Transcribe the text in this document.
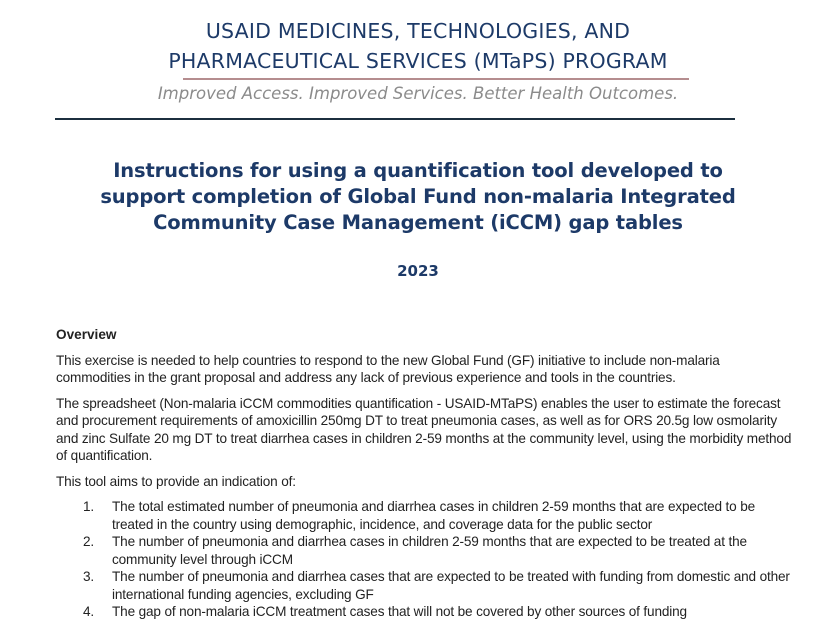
USAID MEDICINES, TECHNOLOGIES, AND
PHARMACEUTICAL SERVICES (MTaPS) PROGRAM
Improved Access. Improved Services. Better Health Outcomes.
Instructions for using a quantification tool developed to
support completion of Global Fund non-malaria Integrated
Community Case Management (iCCM) gap tables
2023
Overview

This exercise is needed to help countries to respond to the new Global Fund (GF) initiative to include non-malaria commodities in the grant proposal and address any lack of previous experience and tools in the countries.

The spreadsheet (Non-malaria iCCM commodities quantification - USAID-MTaPS) enables the user to estimate the forecast and procurement requirements of amoxicillin 250mg DT to treat pneumonia cases, as well as for ORS 20.5g low osmolarity and zinc Sulfate 20 mg DT to treat diarrhea cases in children 2-59 months at the community level, using the morbidity method of quantification.

This tool aims to provide an indication of:

1.	The total estimated number of pneumonia and diarrhea cases in children 2-59 months that are expected to be treated in the country using demographic, incidence, and coverage data for the public sector
2.	The number of pneumonia and diarrhea cases in children 2-59 months that are expected to be treated at the community level through iCCM
3.	The number of pneumonia and diarrhea cases that are expected to be treated with funding from domestic and other international funding agencies, excluding GF
4.	The gap of non-malaria iCCM treatment cases that will not be covered by other sources of funding
